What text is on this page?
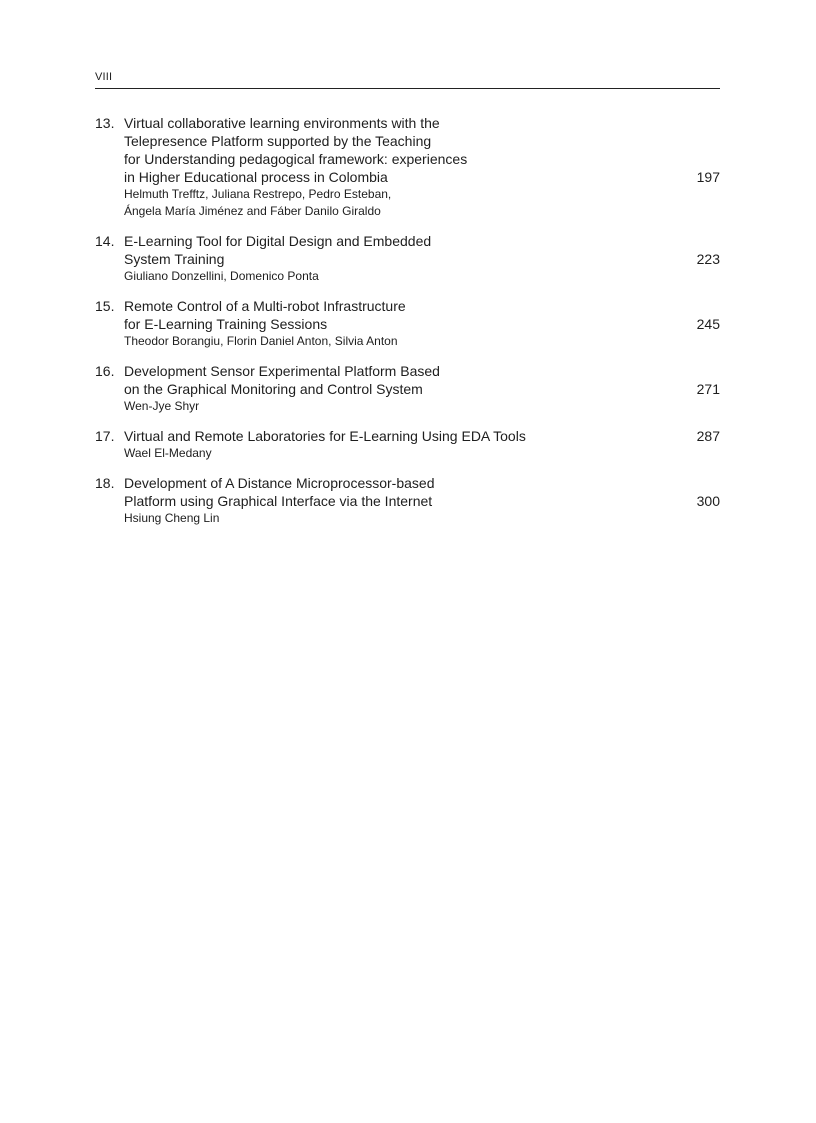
VIII
13. Virtual collaborative learning environments with the
Telepresence Platform supported by the Teaching
for Understanding pedagogical framework: experiences
in Higher Educational process in Colombia	197
Helmuth Trefftz, Juliana Restrepo, Pedro Esteban,
Ángela María Jiménez and Fáber Danilo Giraldo
14. E-Learning Tool for Digital Design and Embedded
System Training	223
Giuliano Donzellini, Domenico Ponta
15. Remote Control of a Multi-robot Infrastructure
for E-Learning Training Sessions	245
Theodor Borangiu, Florin Daniel Anton, Silvia Anton
16. Development Sensor Experimental Platform Based
on the Graphical Monitoring and Control System	271
Wen-Jye Shyr
17. Virtual and Remote Laboratories for E-Learning Using EDA Tools	287
Wael El-Medany
18. Development of A Distance Microprocessor-based
Platform using Graphical Interface via the Internet	300
Hsiung Cheng Lin
